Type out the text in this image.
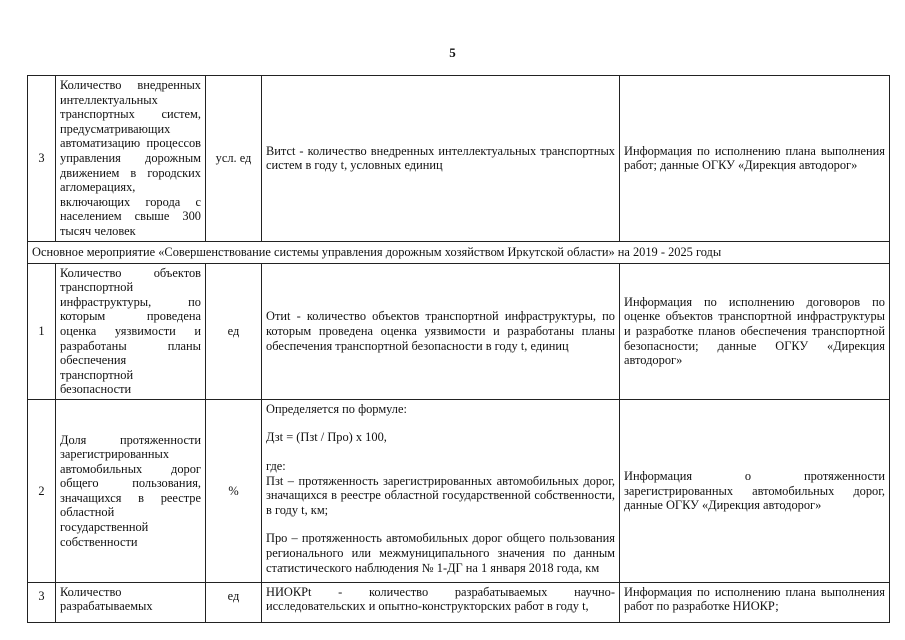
5
3	Количество внедренных интеллектуальных транспортных систем, предусматривающих автоматизацию процессов управления дорожным движением в городских агломерациях, включающих города с населением свыше 300 тысяч человек	усл. ед	Витсt - количество внедренных интеллектуальных транспортных систем в году t, условных единиц	Информация по исполнению плана выполнения работ; данные ОГКУ «Дирекция автодорог»
Основное мероприятие «Совершенствование системы управления дорожным хозяйством Иркутской области» на 2019 - 2025 годы				
1	Количество объектов транспортной инфраструктуры, по которым проведена оценка уязвимости и разработаны планы обеспечения транспортной безопасности	ед	Отиt - количество объектов транспортной инфраструктуры, по которым проведена оценка уязвимости и разработаны планы обеспечения транспортной безопасности в году t, единиц	Информация по исполнению договоров по оценке объектов транспортной инфраструктуры и разработке планов обеспечения транспортной безопасности; данные ОГКУ «Дирекция автодорог»
2	Доля протяженности зарегистрированных автомобильных дорог общего пользования, значащихся в реестре областной государственной собственности	%	Определяется по формуле:

Дзt = (Пзt / Про) х 100,

где:

Пзt – протяженность зарегистрированных автомобильных дорог, значащихся в реестре областной государственной собственности, в году t, км;

Про – протяженность автомобильных дорог общего пользования регионального или межмуниципального значения по данным статистического наблюдения № 1-ДГ на 1 января 2018 года, км	Информация о протяженности зарегистрированных автомобильных дорог, данные ОГКУ «Дирекция автодорог»
3	Количество разрабатываемых	ед	НИОКРt - количество разрабатываемых научно-исследовательских и опытно-конструкторских работ в году t,	Информация по исполнению плана выполнения работ по разработке НИОКР;
